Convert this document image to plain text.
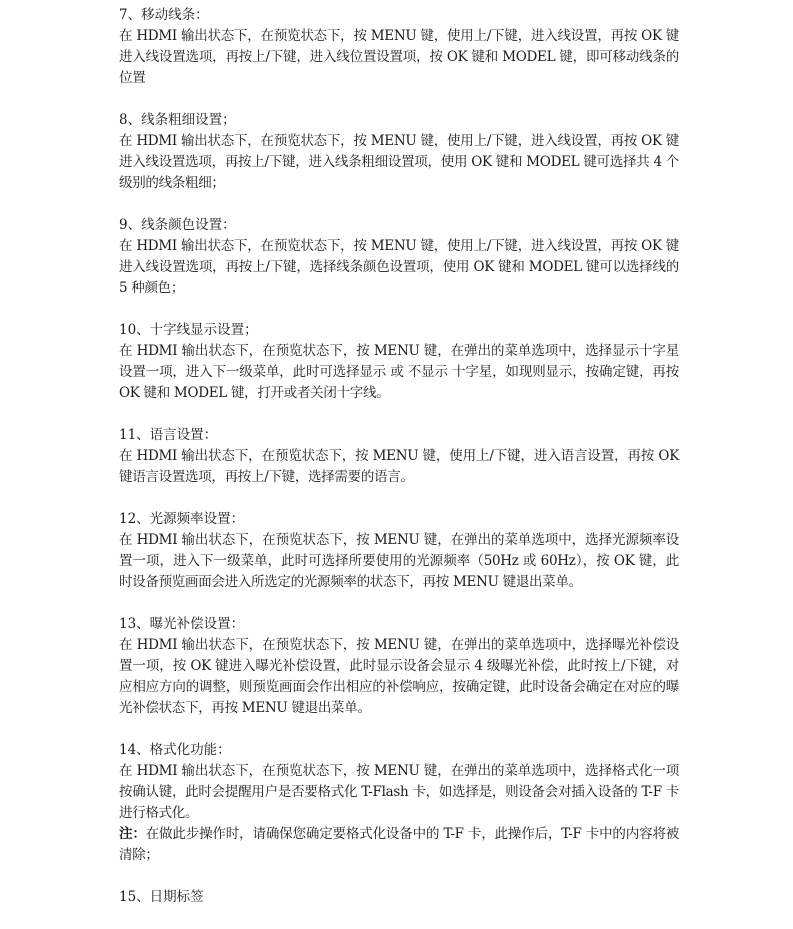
7、移动线条：
在 HDMI 输出状态下，在预览状态下，按 MENU 键，使用上/下键，进入线设置，再按 OK 键进入线设置选项，再按上/下键，进入线位置设置项，按 OK 键和 MODEL 键，即可移动线条的位置
8、线条粗细设置；
在 HDMI 输出状态下，在预览状态下，按 MENU 键，使用上/下键，进入线设置，再按 OK 键进入线设置选项，再按上/下键，进入线条粗细设置项，使用 OK 键和 MODEL 键可选择共 4 个级别的线条粗细；
9、线条颜色设置：
在 HDMI 输出状态下，在预览状态下，按 MENU 键，使用上/下键，进入线设置，再按 OK 键进入线设置选项，再按上/下键，选择线条颜色设置项，使用 OK 键和 MODEL 键可以选择线的 5 种颜色；
10、十字线显示设置；
在 HDMI 输出状态下，在预览状态下，按 MENU 键，在弹出的菜单选项中，选择显示十字星设置一项，进入下一级菜单，此时可选择显示 或 不显示 十字星，如现则显示，按确定键，再按 OK 键和 MODEL 键，打开或者关闭十字线。
11、语言设置：
在 HDMI 输出状态下，在预览状态下，按 MENU 键，使用上/下键，进入语言设置，再按 OK 键语言设置选项，再按上/下键，选择需要的语言。
12、光源频率设置：
在 HDMI 输出状态下，在预览状态下，按 MENU 键，在弹出的菜单选项中，选择光源频率设置一项，进入下一级菜单，此时可选择所要使用的光源频率（50Hz 或 60Hz），按 OK 键，此时设备预览画面会进入所选定的光源频率的状态下，再按 MENU 键退出菜单。
13、曝光补偿设置：
在 HDMI 输出状态下，在预览状态下，按 MENU 键，在弹出的菜单选项中，选择曝光补偿设置一项，按 OK 键进入曝光补偿设置，此时显示设备会显示 4 级曝光补偿，此时按上/下键，对应相应方向的调整，则预览画面会作出相应的补偿响应，按确定键，此时设备会确定在对应的曝光补偿状态下，再按 MENU 键退出菜单。
14、格式化功能：
在 HDMI 输出状态下，在预览状态下，按 MENU 键，在弹出的菜单选项中，选择格式化一项按确认键，此时会提醒用户是否要格式化 T-Flash 卡，如选择是，则设备会对插入设备的 T-F 卡进行格式化。
注：在做此步操作时，请确保您确定要格式化设备中的 T-F 卡，此操作后，T-F 卡中的内容将被清除；
15、日期标签
